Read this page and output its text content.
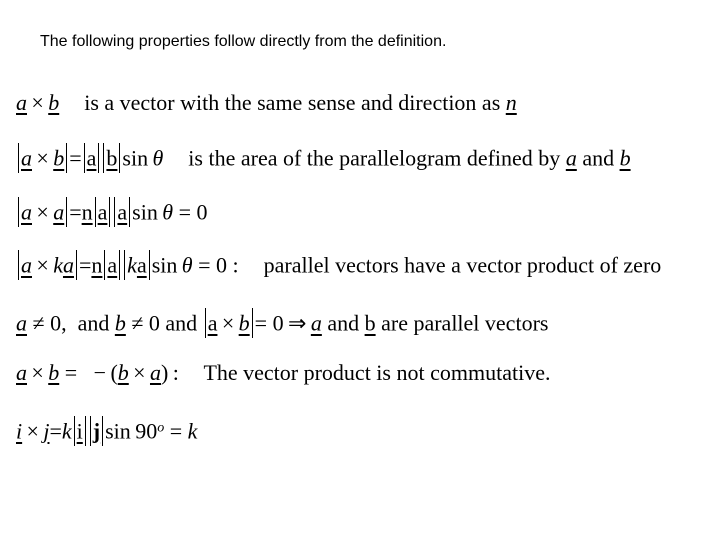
The following properties follow directly from the definition.
a × b is a vector with the same sense and direction as n
a × b = a b sin θ is the area of the parallelogram defined by a and b
a × a =n a a sin θ = 0
a × ka =n a ka sin θ = 0 : parallel vectors have a vector product of zero
a ≠ 0, and b ≠ 0 and a × b = 0 ⇒ a and b are parallel vectors
a × b =   − (b × a) :  The vector product is not commutative.
i × j=k i j $\sin 90^o = k$
